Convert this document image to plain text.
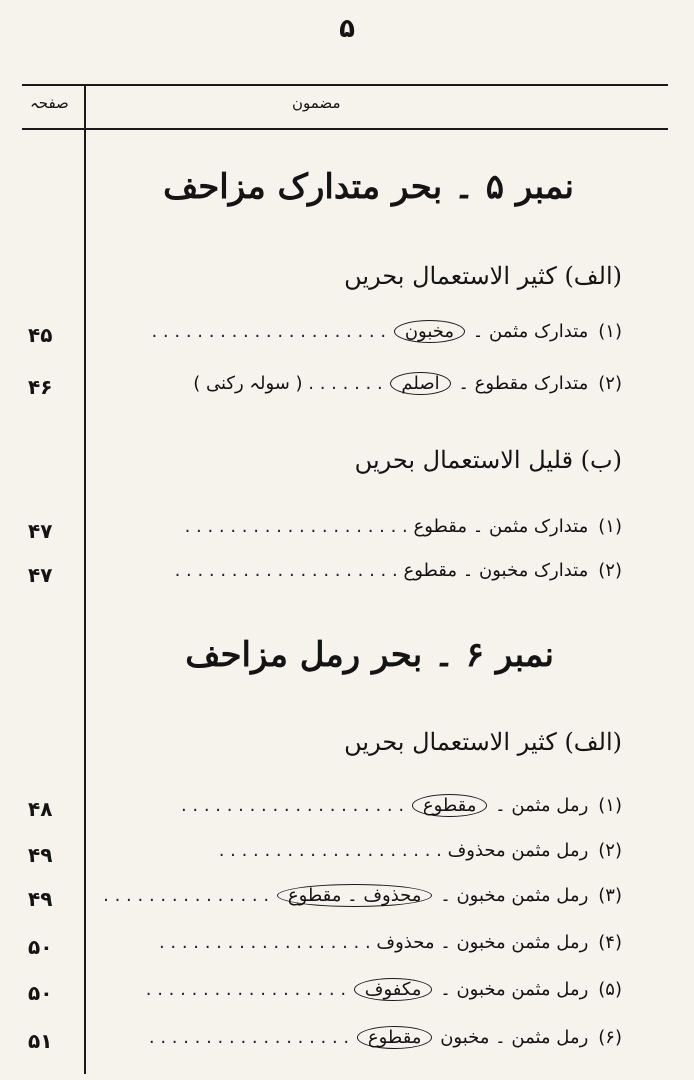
۵
مضمون
صفحہ
نمبر ۵ ۔ بحر متدارک مزاحف
(الف) کثیر الاستعمال بحریں
(۱)متدارک مثمن ۔ مخبون . . . . . . . . . . . . . . . . . . . . .
۴۵
(۲)متدارک مقطوع ۔ اصلم . . . . . . . ( سولہ رکنی )
۴۶
(ب) قلیل الاستعمال بحریں
(۱)متدارک مثمن ۔ مقطوع . . . . . . . . . . . . . . . . . . . .
۴۷
(۲)متدارک مخبون ۔ مقطوع . . . . . . . . . . . . . . . . . . . .
۴۷
نمبر ۶ ۔ بحر رمل مزاحف
(الف) کثیر الاستعمال بحریں
(۱)رمل مثمن ۔ مقطوع . . . . . . . . . . . . . . . . . . . .
۴۸
(۲)رمل مثمن محذوف . . . . . . . . . . . . . . . . . . . .
۴۹
(۳)رمل مثمن مخبون ۔ محذوف ۔ مقطوع . . . . . . . . . . . . . . .
۴۹
(۴)رمل مثمن مخبون ۔ محذوف . . . . . . . . . . . . . . . . . . .
۵۰
(۵)رمل مثمن مخبون ۔ مکفوف . . . . . . . . . . . . . . . . . .
۵۰
(۶)رمل مثمن ۔ مخبون مقطوع . . . . . . . . . . . . . . . . . .
۵۱
